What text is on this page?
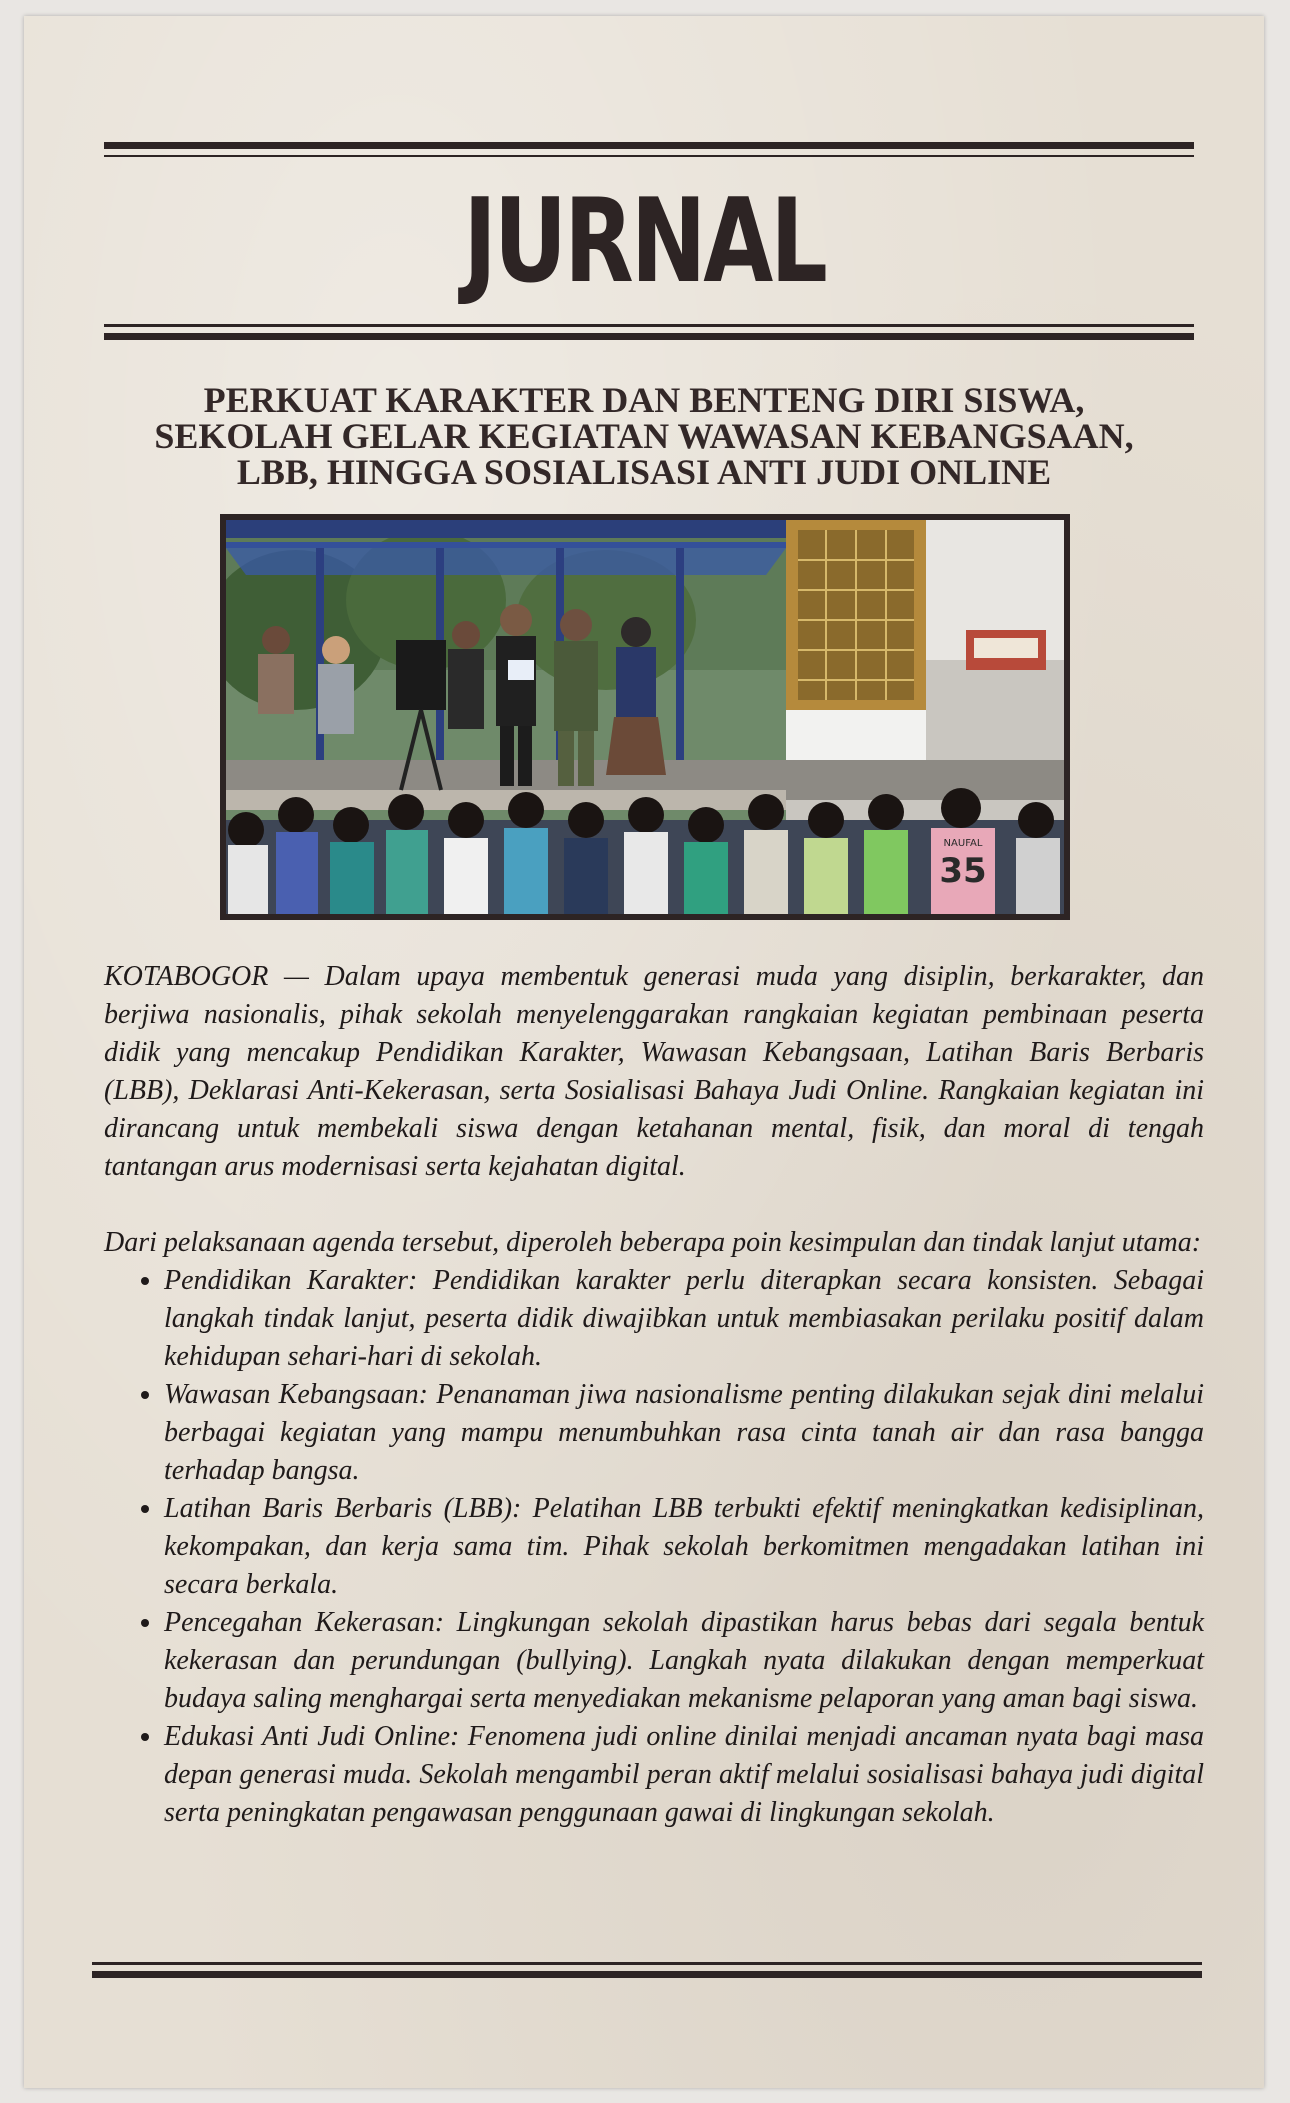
JURNAL
PERKUAT KARAKTER DAN BENTENG DIRI SISWA,
SEKOLAH GELAR KEGIATAN WAWASAN KEBANGSAAN,
LBB, HINGGA SOSIALISASI ANTI JUDI ONLINE
35
NAUFAL

KOTABOGOR — Dalam upaya membentuk generasi muda yang disiplin, berkarakter, dan berjiwa nasionalis, pihak sekolah menyelenggarakan rangkaian kegiatan pembinaan peserta didik yang mencakup Pendidikan Karakter, Wawasan Kebangsaan, Latihan Baris Berbaris (LBB), Deklarasi Anti-Kekerasan, serta Sosialisasi Bahaya Judi Online. Rangkaian kegiatan ini dirancang untuk membekali siswa dengan ketahanan mental, fisik, dan moral di tengah tantangan arus modernisasi serta kejahatan digital.

Dari pelaksanaan agenda tersebut, diperoleh beberapa poin kesimpulan dan tindak lanjut utama:

• Pendidikan Karakter: Pendidikan karakter perlu diterapkan secara konsisten. Sebagai langkah tindak lanjut, peserta didik diwajibkan untuk membiasakan perilaku positif dalam kehidupan sehari-hari di sekolah.
• Wawasan Kebangsaan: Penanaman jiwa nasionalisme penting dilakukan sejak dini melalui berbagai kegiatan yang mampu menumbuhkan rasa cinta tanah air dan rasa bangga terhadap bangsa.
• Latihan Baris Berbaris (LBB): Pelatihan LBB terbukti efektif meningkatkan kedisiplinan, kekompakan, dan kerja sama tim. Pihak sekolah berkomitmen mengadakan latihan ini secara berkala.
• Pencegahan Kekerasan: Lingkungan sekolah dipastikan harus bebas dari segala bentuk kekerasan dan perundungan (bullying). Langkah nyata dilakukan dengan memperkuat budaya saling menghargai serta menyediakan mekanisme pelaporan yang aman bagi siswa.
• Edukasi Anti Judi Online: Fenomena judi online dinilai menjadi ancaman nyata bagi masa depan generasi muda. Sekolah mengambil peran aktif melalui sosialisasi bahaya judi digital serta peningkatan pengawasan penggunaan gawai di lingkungan sekolah.
